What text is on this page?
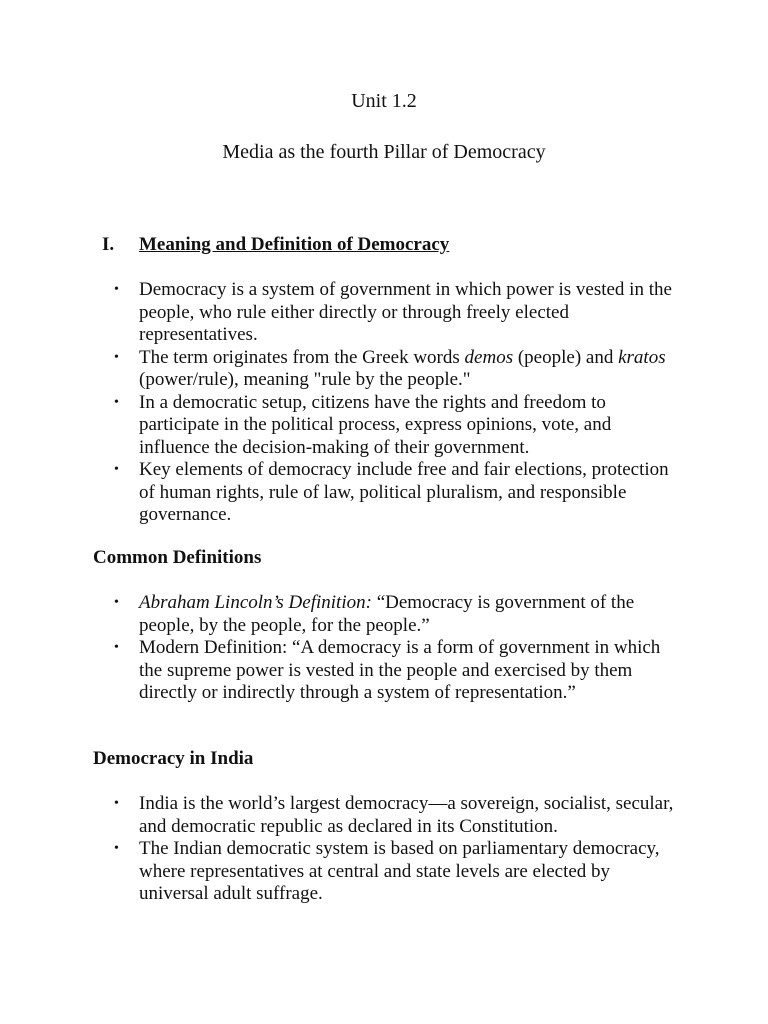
Unit 1.2
Media as the fourth Pillar of Democracy
I. Meaning and Definition of Democracy
• Democracy is a system of government in which power is vested in the people, who rule either directly or through freely elected representatives.
• The term originates from the Greek words demos (people) and kratos (power/rule), meaning "rule by the people."
• In a democratic setup, citizens have the rights and freedom to participate in the political process, express opinions, vote, and influence the decision-making of their government.
• Key elements of democracy include free and fair elections, protection of human rights, rule of law, political pluralism, and responsible governance.
Common Definitions
• Abraham Lincoln’s Definition: “Democracy is government of the people, by the people, for the people.”
• Modern Definition: “A democracy is a form of government in which the supreme power is vested in the people and exercised by them directly or indirectly through a system of representation.”
Democracy in India
• India is the world’s largest democracy—a sovereign, socialist, secular, and democratic republic as declared in its Constitution.
• The Indian democratic system is based on parliamentary democracy, where representatives at central and state levels are elected by universal adult suffrage.
